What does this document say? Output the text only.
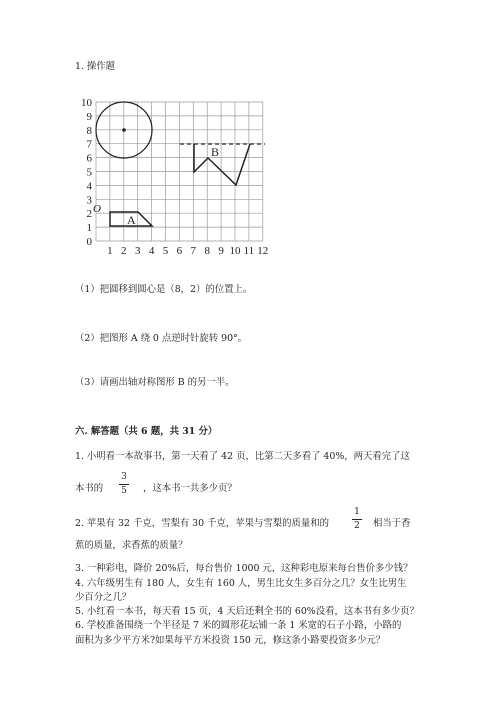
1. 操作题
10
9
8
7
6
5
4
3
2
1
0
1 2 3 4 5 6 7 8 9 10 11 12
A
O
B
（1）把圆移到圆心是（8，2）的位置上。
（2）把图形 A 绕 0 点逆时针旋转 90°。
（3）请画出轴对称图形 B 的另一半。
六. 解答题（共 6 题，共 31 分）
1. 小明看一本故事书，第一天看了 42 页，比第二天多看了 40%，两天看完了这
本书的
3
5	，这本书一共多少页？
2. 苹果有 32 千克，雪梨有 30 千克，苹果与雪梨的质量和的
1
2	相当于香
蕉的质量，求香蕉的质量？
3. 一种彩电，降价 20%后，每台售价 1000 元，这种彩电原来每台售价多少钱？
4. 六年级男生有 180 人，女生有 160 人，男生比女生多百分之几？女生比男生
少百分之几？
5. 小红看一本书，每天看 15 页，4 天后还剩全书的 60%没看，这本书有多少页？
6. 学校准备围绕一个半径是 7 米的圆形花坛铺一条 1 米宽的石子小路，小路的
面积为多少平方米?如果每平方米投资 150 元，修这条小路要投资多少元？
